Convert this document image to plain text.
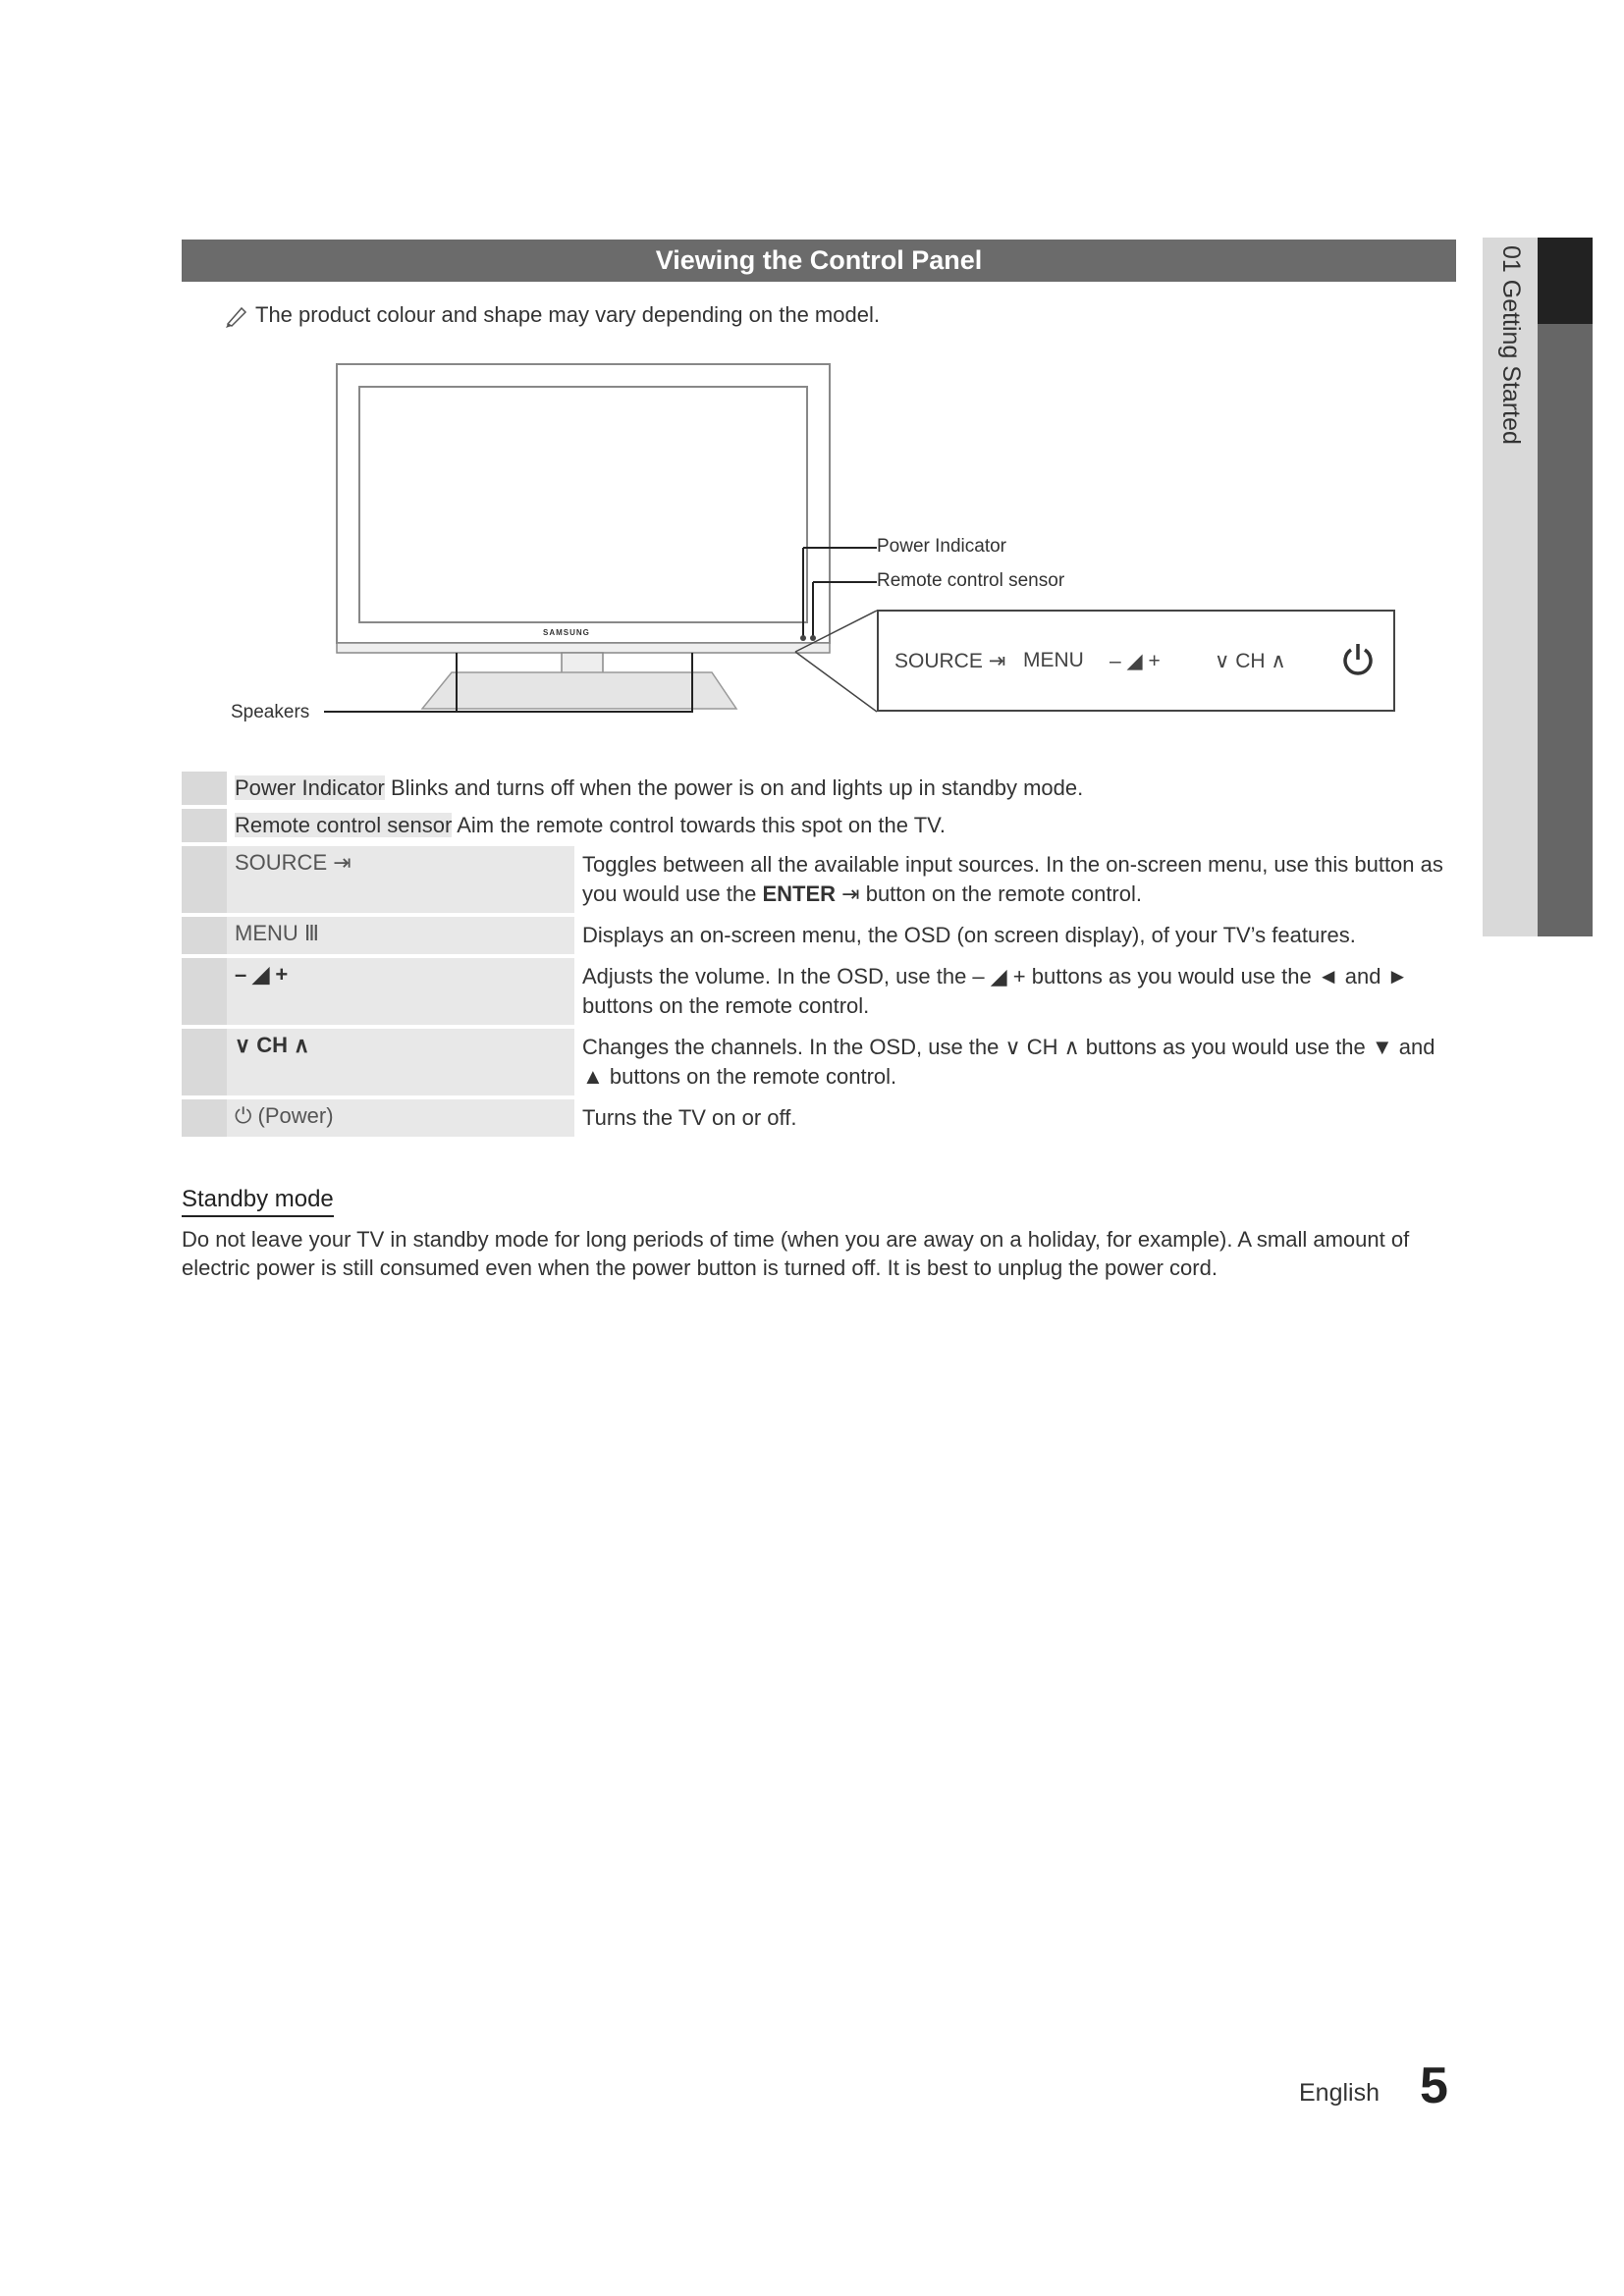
Viewing the Control Panel
The product colour and shape may vary depending on the model.	01 Getting Started
SAMSUNG
Power Indicator
Remote control sensor
Speakers
SOURCE ⇥ MENU – ◢ +	∨ CH ∧
	Power Indicator Blinks and turns off when the power is on and lights up in standby mode.	
	Remote control sensor Aim the remote control towards this spot on the TV.	
	SOURCE ⇥	Toggles between all the available input sources. In the on-screen menu, use this button as you would use the ENTER ⇥ button on the remote control.
	MENU Ⅲ	Displays an on-screen menu, the OSD (on screen display), of your TV’s features.
	– ◢ +	Adjusts the volume. In the OSD, use the – ◢ + buttons as you would use the ◄ and ► buttons on the remote control.
	∨ CH ∧	Changes the channels. In the OSD, use the ∨ CH ∧ buttons as you would use the ▼ and ▲ buttons on the remote control.
	⏻ (Power)	Turns the TV on or off.
Standby mode
Do not leave your TV in standby mode for long periods of time (when you are away on a holiday, for example). A small amount of electric power is still consumed even when the power button is turned off. It is best to unplug the power cord.
English 5
